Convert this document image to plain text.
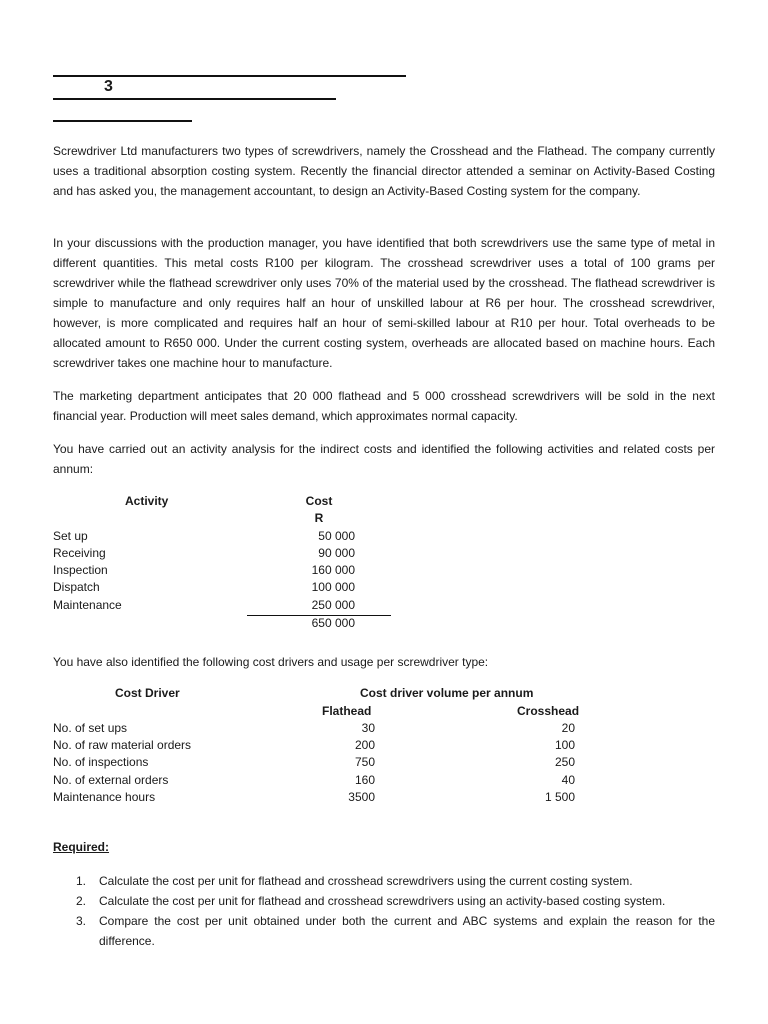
3

Screwdriver Ltd manufacturers two types of screwdrivers, namely the Crosshead and the Flathead. The company currently uses a traditional absorption costing system. Recently the financial director attended a seminar on Activity-Based Costing and has asked you, the management accountant, to design an Activity-Based Costing system for the company.

In your discussions with the production manager, you have identified that both screwdrivers use the same type of metal in different quantities. This metal costs R100 per kilogram. The crosshead screwdriver uses a total of 100 grams per screwdriver while the flathead screwdriver only uses 70% of the material used by the crosshead. The flathead screwdriver is simple to manufacture and only requires half an hour of unskilled labour at R6 per hour. The crosshead screwdriver, however, is more complicated and requires half an hour of semi-skilled labour at R10 per hour. Total overheads to be allocated amount to R650 000. Under the current costing system, overheads are allocated based on machine hours. Each screwdriver takes one machine hour to manufacture.

The marketing department anticipates that 20 000 flathead and 5 000 crosshead screwdrivers will be sold in the next financial year. Production will meet sales demand, which approximates normal capacity.

You have carried out an activity analysis for the indirect costs and identified the following activities and related costs per annum:

Activity	Cost
R
Set up	50 000
Receiving	90 000
Inspection	160 000
Dispatch	100 000
Maintenance	250 000
650 000

You have also identified the following cost drivers and usage per screwdriver type:

Cost Driver	Cost driver volume per annum
Flathead	Crosshead
No. of set ups	30	20
No. of raw material orders	200	100
No. of inspections	750	250
No. of external orders	160	40
Maintenance hours	3500	1 500
Required:
1. Calculate the cost per unit for flathead and crosshead screwdrivers using the current costing system.
2. Calculate the cost per unit for flathead and crosshead screwdrivers using an activity-based costing system.
3. Compare the cost per unit obtained under both the current and ABC systems and explain the reason for the difference.
